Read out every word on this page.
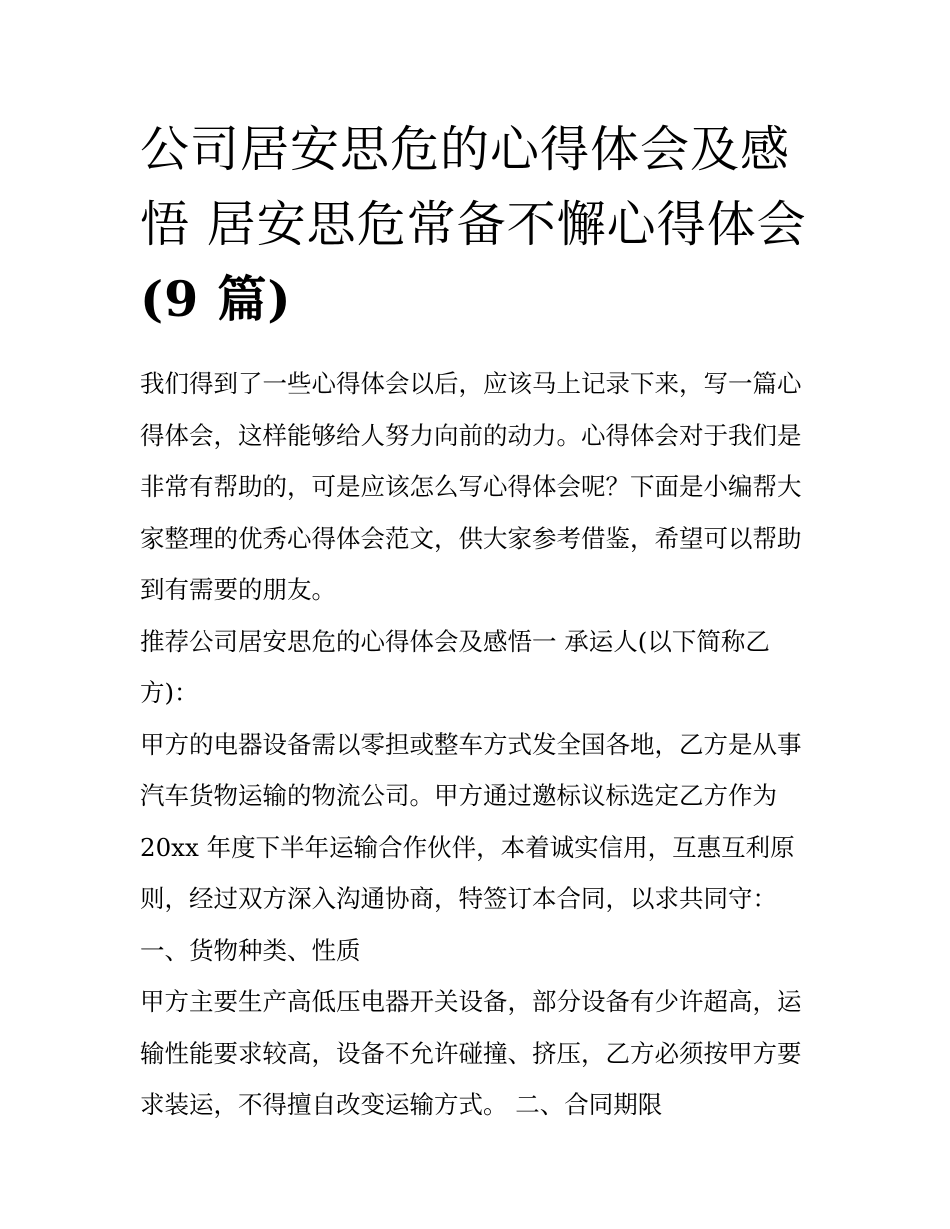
公司居安思危的心得体会及感
悟 居安思危常备不懈心得体会
(9 篇)

我们得到了一些心得体会以后，应该马上记录下来，写一篇心
得体会，这样能够给人努力向前的动力。心得体会对于我们是
非常有帮助的，可是应该怎么写心得体会呢？下面是小编帮大
家整理的优秀心得体会范文，供大家参考借鉴，希望可以帮助
到有需要的朋友。

推荐公司居安思危的心得体会及感悟一 承运人(以下简称乙
方)：

甲方的电器设备需以零担或整车方式发全国各地，乙方是从事
汽车货物运输的物流公司。甲方通过邀标议标选定乙方作为
20xx 年度下半年运输合作伙伴，本着诚实信用，互惠互利原
则，经过双方深入沟通协商，特签订本合同，以求共同守：

一、货物种类、性质

甲方主要生产高低压电器开关设备，部分设备有少许超高，运
输性能要求较高，设备不允许碰撞、挤压，乙方必须按甲方要
求装运，不得擅自改变运输方式。 二、合同期限
